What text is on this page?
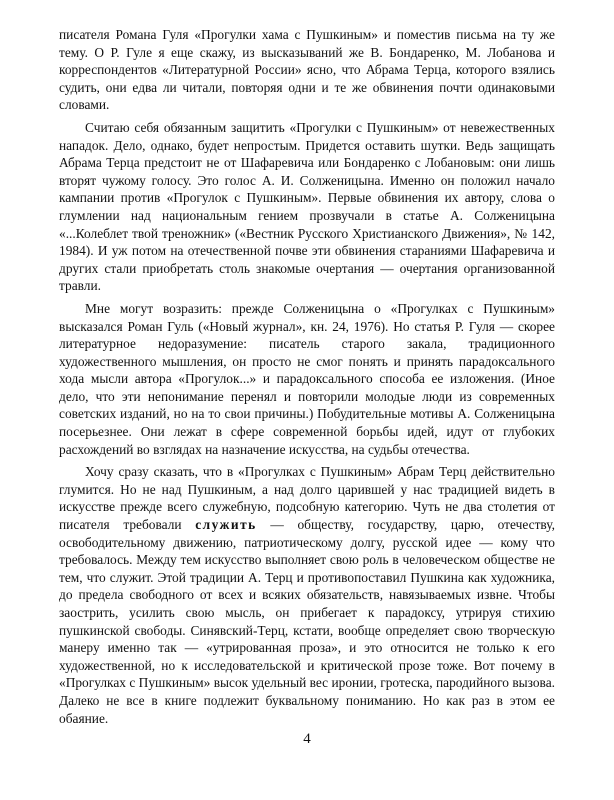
писателя Романа Гуля «Прогулки хама с Пушкиным» и поместив письма на ту же тему. О Р. Гуле я еще скажу, из высказываний же В. Бондаренко, М. Лобанова и корреспондентов «Литературной России» ясно, что Абрама Терца, которого взялись судить, они едва ли читали, повторяя одни и те же обвинения почти одинаковыми словами.

Считаю себя обязанным защитить «Прогулки с Пушкиным» от невежественных нападок. Дело, однако, будет непростым. Придется оставить шутки. Ведь защищать Абрама Терца предстоит не от Шафаревича или Бондаренко с Лобановым: они лишь вторят чужому голосу. Это голос А. И. Солженицына. Именно он положил начало кампании против «Прогулок с Пушкиным». Первые обвинения их автору, слова о глумлении над национальным гением прозвучали в статье А. Солженицына «...Колеблет твой треножник» («Вестник Русского Христианского Движения», № 142, 1984). И уж потом на отечественной почве эти обвинения стараниями Шафаревича и других стали приобретать столь знакомые очертания — очертания организованной травли.

Мне могут возразить: прежде Солженицына о «Прогулках с Пушкиным» высказался Роман Гуль («Новый журнал», кн. 24, 1976). Но статья Р. Гуля — скорее литературное недоразумение: писатель старого закала, традиционного художественного мышления, он просто не смог понять и принять парадоксального хода мысли автора «Прогулок...» и парадоксального способа ее изложения. (Иное дело, что эти непонимание перенял и повторили молодые люди из современных советских изданий, но на то свои причины.) Побудительные мотивы А. Солженицына посерьезнее. Они лежат в сфере современной борьбы идей, идут от глубоких расхождений во взглядах на назначение искусства, на судьбы отечества.

Хочу сразу сказать, что в «Прогулках с Пушкиным» Абрам Терц действительно глумится. Но не над Пушкиным, а над долго царившей у нас традицией видеть в искусстве прежде всего служебную, подсобную категорию. Чуть не два столетия от писателя требовали служить — обществу, государству, царю, отечеству, освободительному движению, патриотическому долгу, русской идее — кому что требовалось. Между тем искусство выполняет свою роль в человеческом обществе не тем, что служит. Этой традиции А. Терц и противопоставил Пушкина как художника, до предела свободного от всех и всяких обязательств, навязываемых извне. Чтобы заострить, усилить свою мысль, он прибегает к парадоксу, утрируя стихию пушкинской свободы. Синявский-Терц, кстати, вообще определяет свою творческую манеру именно так — «утрированная проза», и это относится не только к его художественной, но к исследовательской и критической прозе тоже. Вот почему в «Прогулках с Пушкиным» высок удельный вес иронии, гротеска, пародийного вызова. Далеко не все в книге подлежит буквальному пониманию. Но как раз в этом ее обаяние.

4
